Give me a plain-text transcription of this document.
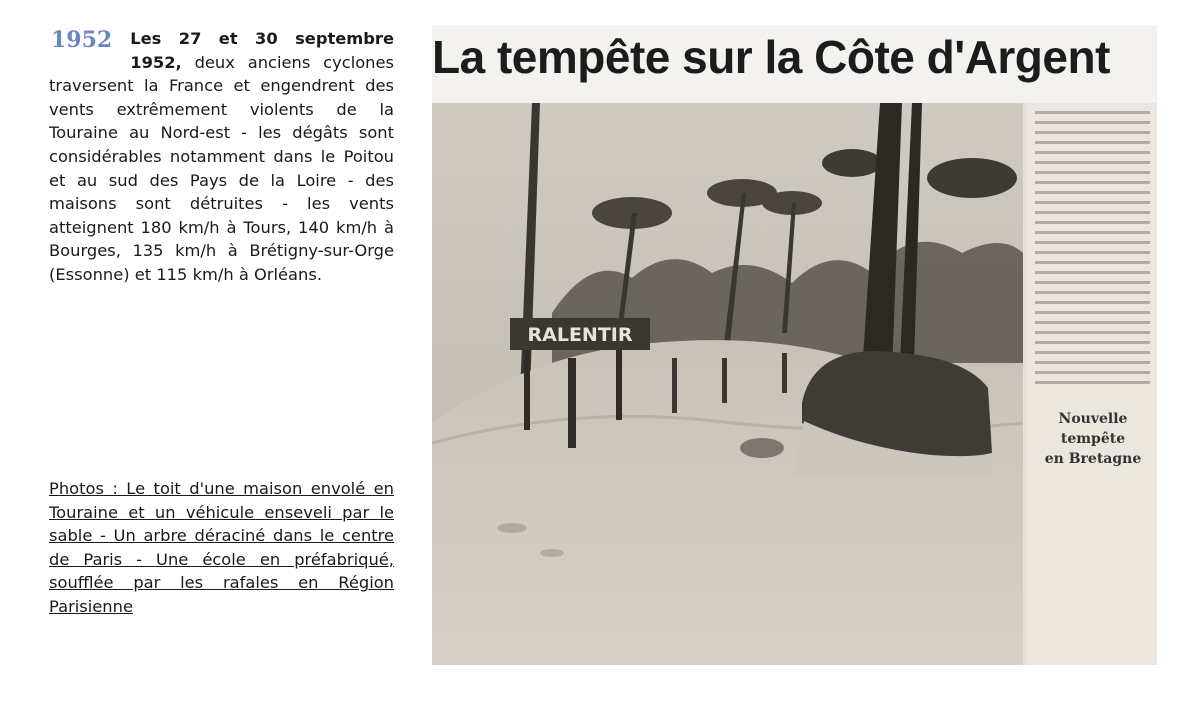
1952	Les 27 et 30 septembre 1952, deux anciens cyclones traversent la France et engendrent des vents extrêmement violents de la Touraine au Nord-est - les dégâts sont considérables notamment dans le Poitou et au sud des Pays de la Loire - des maisons sont détruites - les vents atteignent 180 km/h à Tours, 140 km/h à Bourges, 135 km/h à Brétigny-sur-Orge (Essonne) et 115 km/h à Orléans.
Photos : Le toit d'une maison envolé en Touraine et un véhicule enseveli par le sable - Un arbre déraciné dans le centre de Paris - Une école en préfabriqué, soufflée par les rafales en Région Parisienne
La tempête sur la Côte d'Argent
RALENTIR
Nouvelle
tempête
en Bretagne
